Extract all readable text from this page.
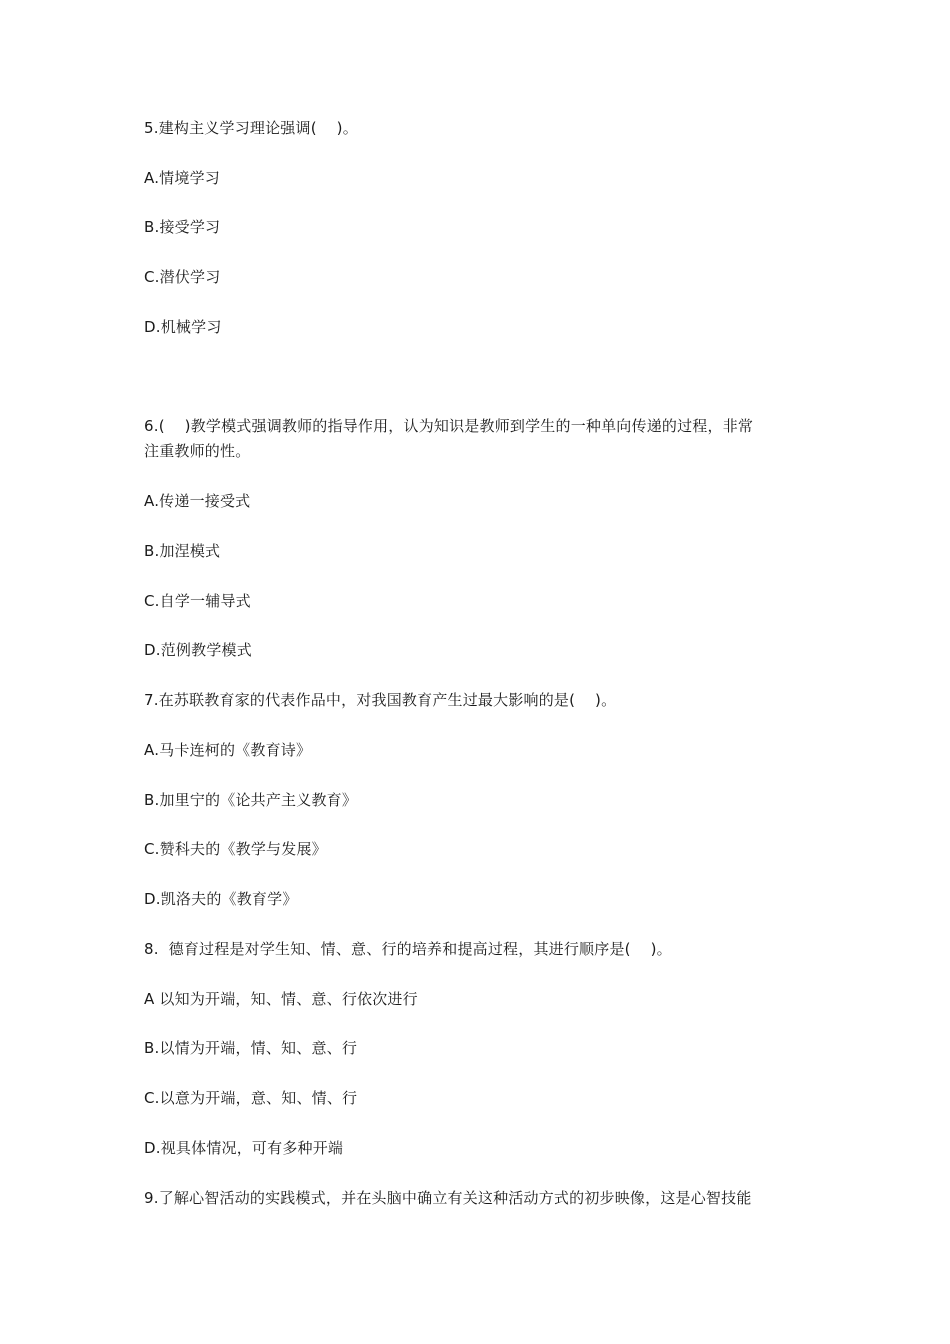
5.建构主义学习理论强调(    )。
A.情境学习
B.接受学习
C.潜伏学习
D.机械学习
6.(    )教学模式强调教师的指导作用，认为知识是教师到学生的一种单向传递的过程，非常
注重教师的性。
A.传递一接受式
B.加涅模式
C.自学一辅导式
D.范例教学模式
7.在苏联教育家的代表作品中，对我国教育产生过最大影响的是(    )。
A.马卡连柯的《教育诗》
B.加里宁的《论共产主义教育》
C.赞科夫的《教学与发展》
D.凯洛夫的《教育学》
8.  德育过程是对学生知、情、意、行的培养和提高过程，其进行顺序是(    )。
A 以知为开端，知、情、意、行依次进行
B.以情为开端，情、知、意、行
C.以意为开端，意、知、情、行
D.视具体情况，可有多种开端
9.了解心智活动的实践模式，并在头脑中确立有关这种活动方式的初步映像，这是心智技能
